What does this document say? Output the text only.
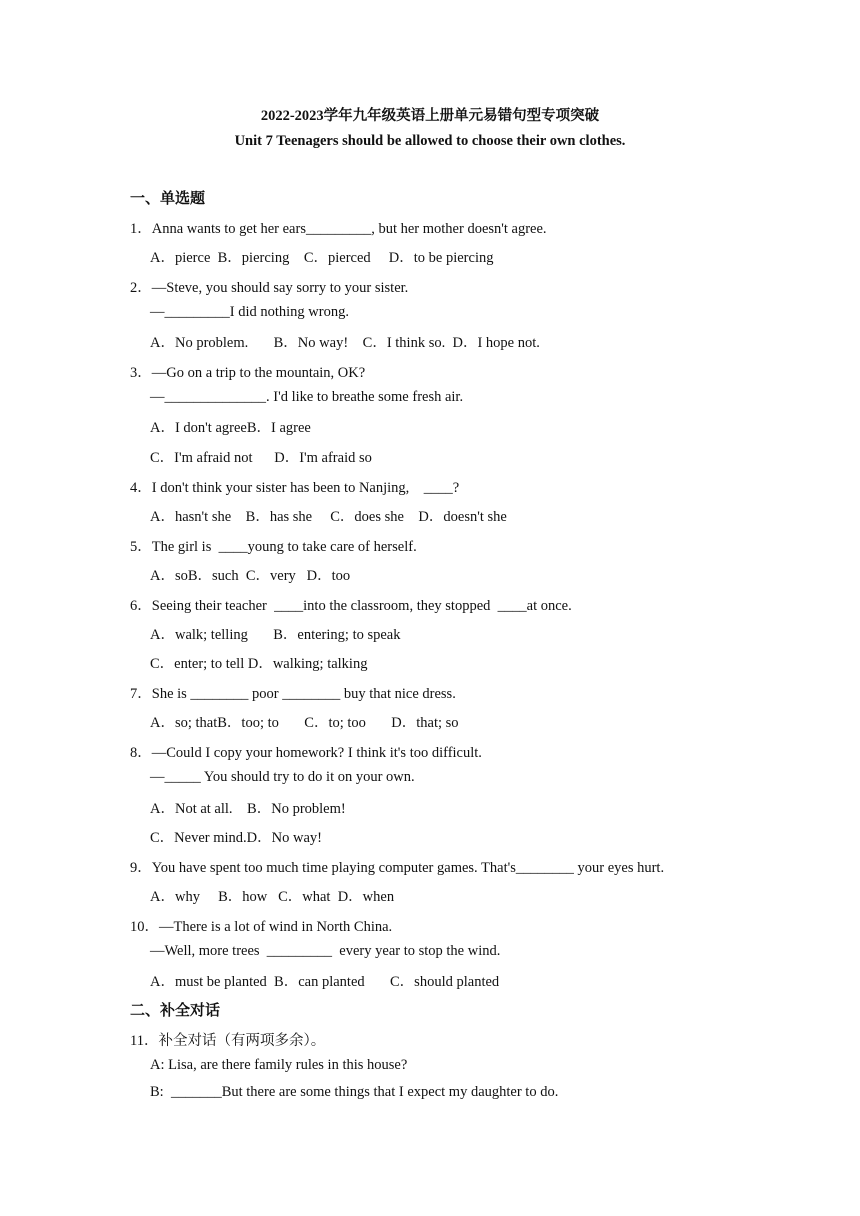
2022-2023学年九年级英语上册单元易错句型专项突破
Unit 7 Teenagers should be allowed to choose their own clothes.
一、单选题
1．Anna wants to get her ears_________, but her mother doesn't agree.
A．pierce  B．piercing    C．pierced     D．to be piercing
2．—Steve, you should say sorry to your sister.
—_________I did nothing wrong.
A．No problem.       B．No way!    C．I think so.  D．I hope not.
3．—Go on a trip to the mountain, OK?
—______________. I'd like to breathe some fresh air.
A．I don't agreeB．I agree
C．I'm afraid not      D．I'm afraid so
4．I don't think your sister has been to Nanjing,    ____?
A．hasn't she    B．has she     C．does she    D．doesn't she
5．The girl is  ____young to take care of herself.
A．soB．such  C．very   D．too
6．Seeing their teacher  ____into the classroom, they stopped  ____at once.
A．walk; telling       B．entering; to speak
C．enter; to tell D．walking; talking
7．She is ________ poor ________ buy that nice dress.
A．so; thatB．too; to       C．to; too       D．that; so
8．—Could I copy your homework? I think it's too difficult.
—_____ You should try to do it on your own.
A．Not at all.    B．No problem!
C．Never mind.D．No way!
9．You have spent too much time playing computer games. That's________ your eyes hurt.
A．why     B．how   C．what  D．when
10．—There is a lot of wind in North China.
—Well, more trees  _________  every year to stop the wind.
A．must be planted  B．can planted       C．should planted
二、补全对话
11．补全对话（有两项多余）。
A: Lisa, are there family rules in this house?
B:  _______But there are some things that I expect my daughter to do.
